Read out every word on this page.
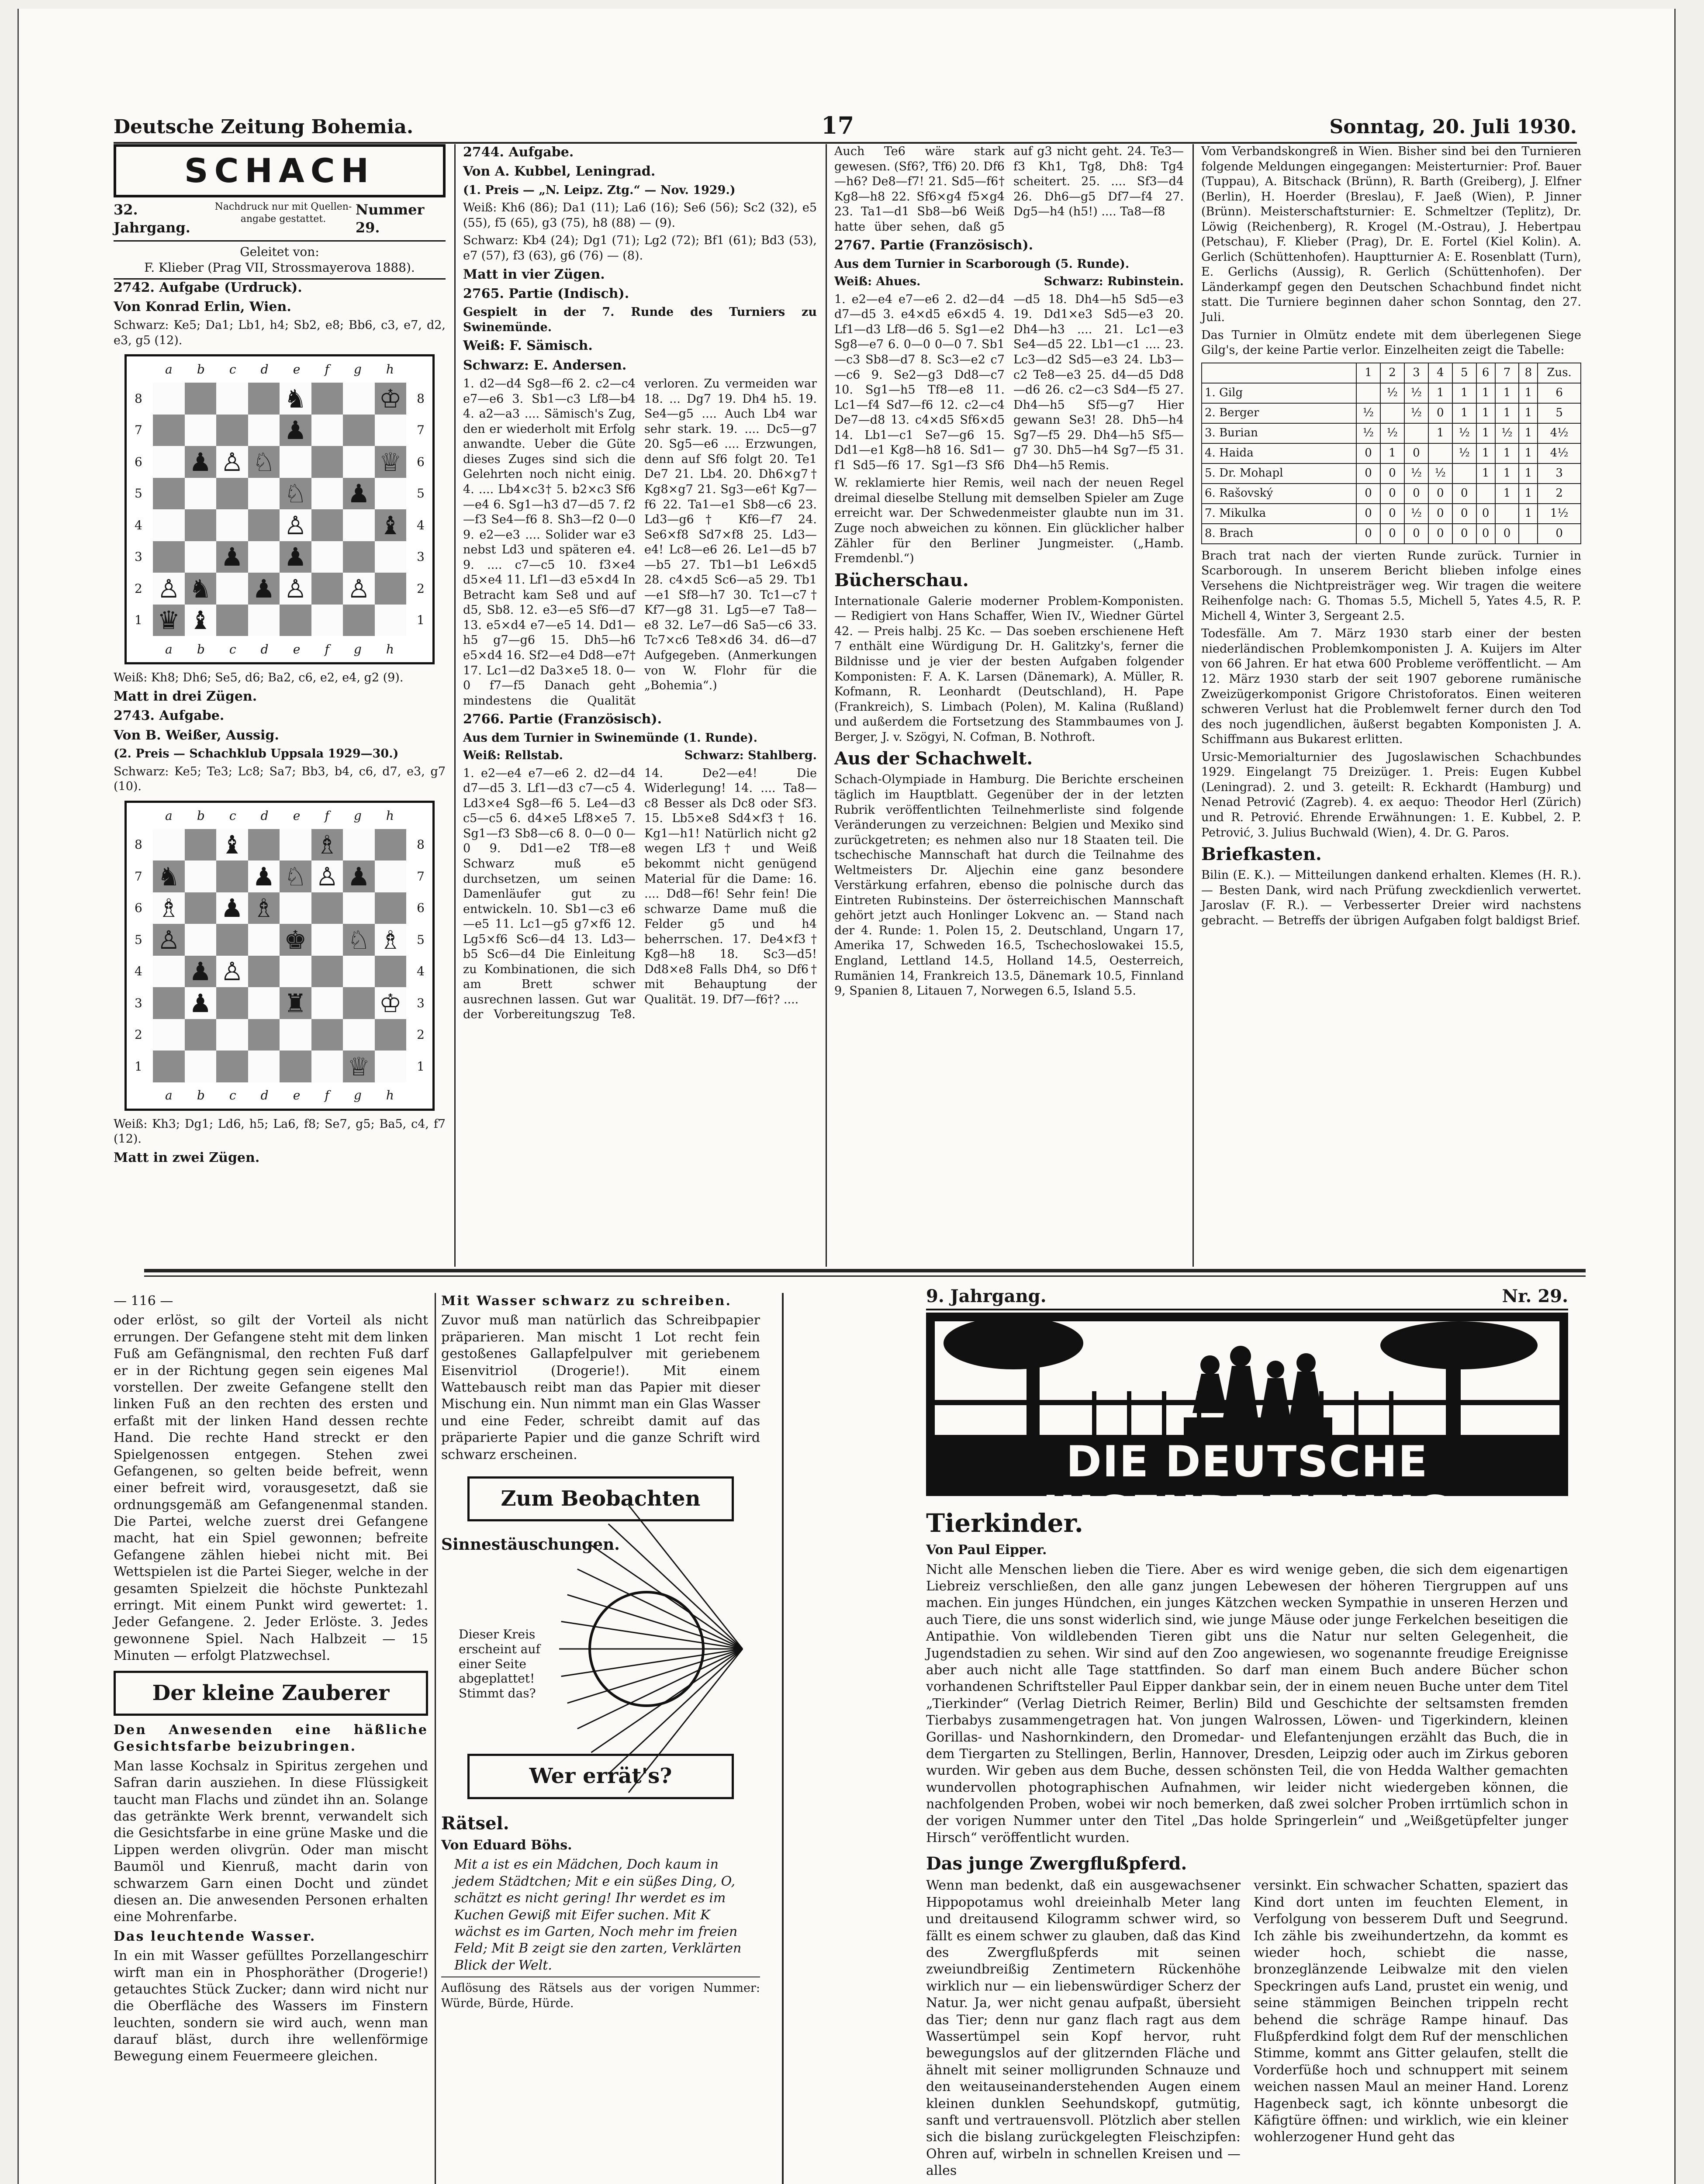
Deutsche Zeitung Bohemia.	17	Sonntag, 20. Juli 1930.
SCHACH
32. Jahrgang.
Nachdruck nur mit Quellen-angabe gestattet.
Nummer 29.
Geleitet von:
F. Klieber (Prag VII, Strossmayerova 1888).

2742. Aufgabe (Urdruck).

Von Konrad Erlin, Wien.

Schwarz: Ke5; Da1; Lb1, h4; Sb2, e8; Bb6, c3, e7, d2, e3, g5 (12).

♔
♕
♘
♘
♙
♙
♙
♙
♙
♛ ♝
♝
♞
♞
♟
♟
♟
♟
♟
♟
a b c d e f g h
a b c d e f g h
8
7
6
5
4
3
2
1
8
7
6
5
4
3
2
1

Weiß: Kh8; Dh6; Se5, d6; Ba2, c6, e2, e4, g2 (9).

Matt in drei Zügen.

2743. Aufgabe.

Von B. Weißer, Aussig.

(2. Preis — Schachklub Uppsala 1929—30.)

Schwarz: Ke5; Te3; Lc8; Sa7; Bb3, b4, c6, d7, e3, g7 (10).

♔
♕
♗
♗
♗
♗
♘
♘
♙
♙
♙
♚
♜
♝
♞
♟
♟
♟
♟	♟
a b c d e f g h
a b c d e f g h
8
7
6
5
4
3
2
1
8
7
6
5
4
3
2
1

Weiß: Kh3; Dg1; Ld6, h5; La6, f8; Se7, g5; Ba5, c4, f7 (12).

Matt in zwei Zügen.

2744. Aufgabe.

Von A. Kubbel, Leningrad.

(1. Preis — „N. Leipz. Ztg.“ — Nov. 1929.)

Weiß: Kh6 (86); Da1 (11); La6 (16); Se6 (56); Sc2 (32), e5 (55), f5 (65), g3 (75), h8 (88) — (9).

Schwarz: Kb4 (24); Dg1 (71); Lg2 (72); Bf1 (61); Bd3 (53), e7 (57), f3 (63), g6 (76) — (8).

Matt in vier Zügen.

2765. Partie (Indisch).

Gespielt in der 7. Runde des Turniers zu Swinemünde.

Weiß: F. Sämisch.

Schwarz: E. Andersen.

1. d2—d4 Sg8—f6 2. c2—c4 e7—e6 3. Sb1—c3 Lf8—b4 4. a2—a3 .... Sämisch's Zug, den er wiederholt mit Erfolg anwandte. Ueber die Güte dieses Zuges sind sich die Gelehrten noch nicht einig. 4. .... Lb4×c3† 5. b2×c3 Sf6—e4 6. Sg1—h3 d7—d5 7. f2—f3 Se4—f6 8. Sh3—f2 0—0 9. e2—e3 .... Solider war e3 nebst Ld3 und späteren e4. 9. .... c7—c5 10. f3×e4 d5×e4 11. Lf1—d3 e5×d4 In Betracht kam Se8 und auf d5, Sb8. 12. e3—e5 Sf6—d7 13. e5×d4 e7—e5 14. Dd1—h5 g7—g6 15. Dh5—h6 e5×d4 16. Sf2—e4 Dd8—e7† 17. Lc1—d2 Da3×e5 18. 0—0 f7—f5 Danach geht mindestens die Qualität verloren. Zu vermeiden war 18. ... Dg7 19. Dh4 h5. 19. Se4—g5 .... Auch Lb4 war sehr stark. 19. .... Dc5—g7 20. Sg5—e6 .... Erzwungen, denn auf Sf6 folgt 20. Te1 De7 21. Lb4. 20. Dh6×g7† Kg8×g7 21. Sg3—e6† Kg7—f6 22. Ta1—e1 Sb8—c6 23. Ld3—g6† Kf6—f7 24. Se6×f8 Sd7×f8 25. Ld3—e4! Lc8—e6 26. Le1—d5 b7—b5 27. Tb1—b1 Le6×d5 28. c4×d5 Sc6—a5 29. Tb1—e1 Sf8—h7 30. Tc1—c7† Kf7—g8 31. Lg5—e7 Ta8—e8 32. Le7—d6 Sa5—c6 33. Tc7×c6 Te8×d6 34. d6—d7 Aufgegeben. (Anmerkungen von W. Flohr für die „Bohemia“.)

2766. Partie (Französisch).

Aus dem Turnier in Swinemünde (1. Runde).

Weiß: Rellstab.	Schwarz: Stahlberg.

1. e2—e4 e7—e6 2. d2—d4 d7—d5 3. Lf1—d3 c7—c5 4. Ld3×e4 Sg8—f6 5. Le4—d3 c5—c5 6. d4×e5 Lf8×e5 7. Sg1—f3 Sb8—c6 8. 0—0 0—0 9. Dd1—e2 Tf8—e8 Schwarz muß e5 durchsetzen, um seinen Damenläufer gut zu entwickeln. 10. Sb1—c3 e6—e5 11. Lc1—g5 g7×f6 12. Lg5×f6 Sc6—d4 13. Ld3—b5 Sc6—d4 Die Einleitung zu Kombinationen, die sich am Brett schwer ausrechnen lassen. Gut war der Vorbereitungszug Te8. 14. De2—e4! Die Widerlegung! 14. .... Ta8—c8 Besser als Dc8 oder Sf3. 15. Lb5×e8 Sd4×f3† 16. Kg1—h1! Natürlich nicht g2 wegen Lf3† und Weiß bekommt nicht genügend Material für die Dame: 16. .... Dd8—f6! Sehr fein! Die schwarze Dame muß die Felder g5 und h4 beherrschen. 17. De4×f3† Kg8—h8 18. Sc3—d5! Dd8×e8 Falls Dh4, so Df6† mit Behauptung der Qualität. 19. Df7—f6†? ....

Auch Te6 wäre stark gewesen. (Sf6?, Tf6) 20. Df6—h6? De8—f7! 21. Sd5—f6† Kg8—h8 22. Sf6×g4 f5×g4 23. Ta1—d1 Sb8—b6 Weiß hatte über sehen, daß g5 auf g3 nicht geht. 24. Te3—f3 Kh1, Tg8, Dh8: Tg4 scheitert. 25. .... Sf3—d4 26. Dh6—g5 Df7—f4 27. Dg5—h4 (h5!) .... Ta8—f8

2767. Partie (Französisch).

Aus dem Turnier in Scarborough (5. Runde).

Weiß: Ahues.	Schwarz: Rubinstein.

1. e2—e4 e7—e6 2. d2—d4 d7—d5 3. e4×d5 e6×d5 4. Lf1—d3 Lf8—d6 5. Sg1—e2 Sg8—e7 6. 0—0 0—0 7. Sb1—c3 Sb8—d7 8. Sc3—e2 c7—c6 9. Se2—g3 Dd8—c7 10. Sg1—h5 Tf8—e8 11. Lc1—f4 Sd7—f6 12. c2—c4 De7—d8 13. c4×d5 Sf6×d5 14. Lb1—c1 Se7—g6 15. Dd1—e1 Kg8—h8 16. Sd1—f1 Sd5—f6 17. Sg1—f3 Sf6—d5 18. Dh4—h5 Sd5—e3 19. Dd1×e3 Sd5—e3 20. Dh4—h3 .... 21. Lc1—e3 Se4—d5 22. Lb1—c1 .... 23. Lc3—d2 Sd5—e3 24. Lb3—c2 Te8—e3 25. d4—d5 Dd8—d6 26. c2—c3 Sd4—f5 27. Dh4—h5 Sf5—g7 Hier gewann Se3! 28. Dh5—h4 Sg7—f5 29. Dh4—h5 Sf5—g7 30. Dh5—h4 Sg7—f5 31. Dh4—h5 Remis.

W. reklamierte hier Remis, weil nach der neuen Regel dreimal dieselbe Stellung mit demselben Spieler am Zuge erreicht war. Der Schwedenmeister glaubte nun im 31. Zuge noch abweichen zu können. Ein glücklicher halber Zähler für den Berliner Jungmeister. („Hamb. Fremdenbl.“)

Bücherschau.

Internationale Galerie moderner Problem-Komponisten. — Redigiert von Hans Schaffer, Wien IV., Wiedner Gürtel 42. — Preis halbj. 25 Kc. — Das soeben erschienene Heft 7 enthält eine Würdigung Dr. H. Galitzky's, ferner die Bildnisse und je vier der besten Aufgaben folgender Komponisten: F. A. K. Larsen (Dänemark), A. Müller, R. Kofmann, R. Leonhardt (Deutschland), H. Pape (Frankreich), S. Limbach (Polen), M. Kalina (Rußland) und außerdem die Fortsetzung des Stammbaumes von J. Berger, J. v. Szögyi, N. Cofman, B. Nothroft.

Aus der Schachwelt.

Schach-Olympiade in Hamburg. Die Berichte erscheinen täglich im Hauptblatt. Gegenüber der in der letzten Rubrik veröffentlichten Teilnehmerliste sind folgende Veränderungen zu verzeichnen: Belgien und Mexiko sind zurückgetreten; es nehmen also nur 18 Staaten teil. Die tschechische Mannschaft hat durch die Teilnahme des Weltmeisters Dr. Aljechin eine ganz besondere Verstärkung erfahren, ebenso die polnische durch das Eintreten Rubinsteins. Der österreichischen Mannschaft gehört jetzt auch Honlinger Lokvenc an. — Stand nach der 4. Runde: 1. Polen 15, 2. Deutschland, Ungarn 17, Amerika 17, Schweden 16.5, Tschechoslowakei 15.5, England, Lettland 14.5, Holland 14.5, Oesterreich, Rumänien 14, Frankreich 13.5, Dänemark 10.5, Finnland 9, Spanien 8, Litauen 7, Norwegen 6.5, Island 5.5.

Vom Verbandskongreß in Wien. Bisher sind bei den Turnieren folgende Meldungen eingegangen: Meisterturnier: Prof. Bauer (Tuppau), A. Bitschack (Brünn), R. Barth (Greiberg), J. Elfner (Berlin), H. Hoerder (Breslau), F. Jaeß (Wien), P. Jinner (Brünn). Meisterschaftsturnier: E. Schmeltzer (Teplitz), Dr. Löwig (Reichenberg), R. Krogel (M.-Ostrau), J. Hebertpau (Petschau), F. Klieber (Prag), Dr. E. Fortel (Kiel Kolin). A. Gerlich (Schüttenhofen). Hauptturnier A: E. Rosenblatt (Turn), E. Gerlichs (Aussig), R. Gerlich (Schüttenhofen). Der Länderkampf gegen den Deutschen Schachbund findet nicht statt. Die Turniere beginnen daher schon Sonntag, den 27. Juli.

Das Turnier in Olmütz endete mit dem überlegenen Siege Gilg's, der keine Partie verlor. Einzelheiten zeigt die Tabelle:

	1	2	3	4	5	6	7	8	Zus.
1. Gilg		½	½	1	1	1	1	1	6
2. Berger	½		½	0	1	1	1	1	5
3. Burian	½	½		1	½	1	½	1	4½
4. Haida	0	1	0		½	1	1	1	4½
5. Dr. Mohapl	0	0	½	½		1	1	1	3
6. Rašovský	0	0	0	0	0		1	1	2
7. Mikulka	0	0	½	0	0	0		1	1½
8. Brach	0	0	0	0	0	0	0		0

Brach trat nach der vierten Runde zurück. Turnier in Scarborough. In unserem Bericht blieben infolge eines Versehens die Nichtpreisträger weg. Wir tragen die weitere Reihenfolge nach: G. Thomas 5.5, Michell 5, Yates 4.5, R. P. Michell 4, Winter 3, Sergeant 2.5.

Todesfälle. Am 7. März 1930 starb einer der besten niederländischen Problemkomponisten J. A. Kuijers im Alter von 66 Jahren. Er hat etwa 600 Probleme veröffentlicht. — Am 12. März 1930 starb der seit 1907 geborene rumänische Zweizügerkomponist Grigore Christoforatos. Einen weiteren schweren Verlust hat die Problemwelt ferner durch den Tod des noch jugendlichen, äußerst begabten Komponisten J. A. Schiffmann aus Bukarest erlitten.

Ursic-Memorialturnier des Jugoslawischen Schachbundes 1929. Eingelangt 75 Dreizüger. 1. Preis: Eugen Kubbel (Leningrad). 2. und 3. geteilt: R. Eckhardt (Hamburg) und Nenad Petrović (Zagreb). 4. ex aequo: Theodor Herl (Zürich) und R. Petrović. Ehrende Erwähnungen: 1. E. Kubbel, 2. P. Petrović, 3. Julius Buchwald (Wien), 4. Dr. G. Paros.

Briefkasten.

Bilin (E. K.). — Mitteilungen dankend erhalten. Klemes (H. R.). — Besten Dank, wird nach Prüfung zweckdienlich verwertet. Jaroslav (F. R.). — Verbesserter Dreier wird nachstens gebracht. — Betreffs der übrigen Aufgaben folgt baldigst Brief.

— 116 —

oder erlöst, so gilt der Vorteil als nicht errungen. Der Gefangene steht mit dem linken Fuß am Gefängnismal, den rechten Fuß darf er in der Richtung gegen sein eigenes Mal vorstellen. Der zweite Gefangene stellt den linken Fuß an den rechten des ersten und erfaßt mit der linken Hand dessen rechte Hand. Die rechte Hand streckt er den Spielgenossen entgegen. Stehen zwei Gefangenen, so gelten beide befreit, wenn einer befreit wird, vorausgesetzt, daß sie ordnungsgemäß am Gefangenenmal standen. Die Partei, welche zuerst drei Gefangene macht, hat ein Spiel gewonnen; befreite Gefangene zählen hiebei nicht mit. Bei Wettspielen ist die Partei Sieger, welche in der gesamten Spielzeit die höchste Punktezahl erringt. Mit einem Punkt wird gewertet: 1. Jeder Gefangene. 2. Jeder Erlöste. 3. Jedes gewonnene Spiel. Nach Halbzeit — 15 Minuten — erfolgt Platzwechsel.

Der kleine Zauberer

Den Anwesenden eine häßliche Gesichtsfarbe beizubringen.

Man lasse Kochsalz in Spiritus zergehen und Safran darin ausziehen. In diese Flüssigkeit taucht man Flachs und zündet ihn an. Solange das getränkte Werk brennt, verwandelt sich die Gesichtsfarbe in eine grüne Maske und die Lippen werden olivgrün. Oder man mischt Baumöl und Kienruß, macht darin von schwarzem Garn einen Docht und zündet diesen an. Die anwesenden Personen erhalten eine Mohrenfarbe.

Das leuchtende Wasser.

In ein mit Wasser gefülltes Porzellangeschirr wirft man ein in Phosphoräther (Drogerie!) getauchtes Stück Zucker; dann wird nicht nur die Oberfläche des Wassers im Finstern leuchten, sondern sie wird auch, wenn man darauf bläst, durch ihre wellenförmige Bewegung einem Feuermeere gleichen.

Mit Wasser schwarz zu schreiben.

Zuvor muß man natürlich das Schreibpapier präparieren. Man mischt 1 Lot recht fein gestoßenes Gallapfelpulver mit geriebenem Eisenvitriol (Drogerie!). Mit einem Wattebausch reibt man das Papier mit dieser Mischung ein. Nun nimmt man ein Glas Wasser und eine Feder, schreibt damit auf das präparierte Papier und die ganze Schrift wird schwarz erscheinen.

Zum Beobachten

Sinnestäuschungen.

Dieser Kreis erscheint auf einer Seite abgeplattet! Stimmt das?
Wer errät's?

Rätsel.

Von Eduard Böhs.

Mit a ist es ein Mädchen, Doch kaum in jedem Städtchen; Mit e ein süßes Ding, O, schätzt es nicht gering! Ihr werdet es im Kuchen Gewiß mit Eifer suchen. Mit K wächst es im Garten, Noch mehr im freien Feld; Mit B zeigt sie den zarten, Verklärten Blick der Welt.

Auflösung des Rätsels aus der vorigen Nummer: Würde, Bürde, Hürde.

9. Jahrgang.	Nr. 29.
DIE DEUTSCHE JUGENDZEITUNG

Tierkinder.

Von Paul Eipper.

Nicht alle Menschen lieben die Tiere. Aber es wird wenige geben, die sich dem eigenartigen Liebreiz verschließen, den alle ganz jungen Lebewesen der höheren Tiergruppen auf uns machen. Ein junges Hündchen, ein junges Kätzchen wecken Sympathie in unseren Herzen und auch Tiere, die uns sonst widerlich sind, wie junge Mäuse oder junge Ferkelchen beseitigen die Antipathie. Von wildlebenden Tieren gibt uns die Natur nur selten Gelegenheit, die Jugendstadien zu sehen. Wir sind auf den Zoo angewiesen, wo sogenannte freudige Ereignisse aber auch nicht alle Tage stattfinden. So darf man einem Buch andere Bücher schon vorhandenen Schriftsteller Paul Eipper dankbar sein, der in einem neuen Buche unter dem Titel „Tierkinder“ (Verlag Dietrich Reimer, Berlin) Bild und Geschichte der seltsamsten fremden Tierbabys zusammengetragen hat. Von jungen Walrossen, Löwen- und Tigerkindern, kleinen Gorillas- und Nashornkindern, den Dromedar- und Elefantenjungen erzählt das Buch, die in dem Tiergarten zu Stellingen, Berlin, Hannover, Dresden, Leipzig oder auch im Zirkus geboren wurden. Wir geben aus dem Buche, dessen schönsten Teil, die von Hedda Walther gemachten wundervollen photographischen Aufnahmen, wir leider nicht wiedergeben können, die nachfolgenden Proben, wobei wir noch bemerken, daß zwei solcher Proben irrtümlich schon in der vorigen Nummer unter den Titel „Das holde Springerlein“ und „Weißgetüpfelter junger Hirsch“ veröffentlicht wurden.

Das junge Zwergflußpferd.

Wenn man bedenkt, daß ein ausgewachsener Hippopotamus wohl dreieinhalb Meter lang und dreitausend Kilogramm schwer wird, so fällt es einem schwer zu glauben, daß das Kind des Zwergflußpferds mit seinen zweiundbreißig Zentimetern Rückenhöhe wirklich nur — ein liebenswürdiger Scherz der Natur. Ja, wer nicht genau aufpaßt, übersieht das Tier; denn nur ganz flach ragt aus dem Wassertümpel sein Kopf hervor, ruht bewegungslos auf der glitzernden Fläche und ähnelt mit seiner molligrunden Schnauze und den weitauseinanderstehenden Augen einem kleinen dunklen Seehundskopf, gutmütig, sanft und vertrauensvoll. Plötzlich aber stellen sich die bislang zurückgelegten Fleischzipfen: Ohren auf, wirbeln in schnellen Kreisen und — alles

versinkt. Ein schwacher Schatten, spaziert das Kind dort unten im feuchten Element, in Verfolgung von besserem Duft und Seegrund. Ich zähle bis zweihundertzehn, da kommt es wieder hoch, schiebt die nasse, bronzeglänzende Leibwalze mit den vielen Speckringen aufs Land, prustet ein wenig, und seine stämmigen Beinchen trippeln recht behend die schräge Rampe hinauf. Das Flußpferdkind folgt dem Ruf der menschlichen Stimme, kommt ans Gitter gelaufen, stellt die Vorderfüße hoch und schnuppert mit seinem weichen nassen Maul an meiner Hand. Lorenz Hagenbeck sagt, ich könnte unbesorgt die Käfigtüre öffnen: und wirklich, wie ein kleiner wohlerzogener Hund geht das
